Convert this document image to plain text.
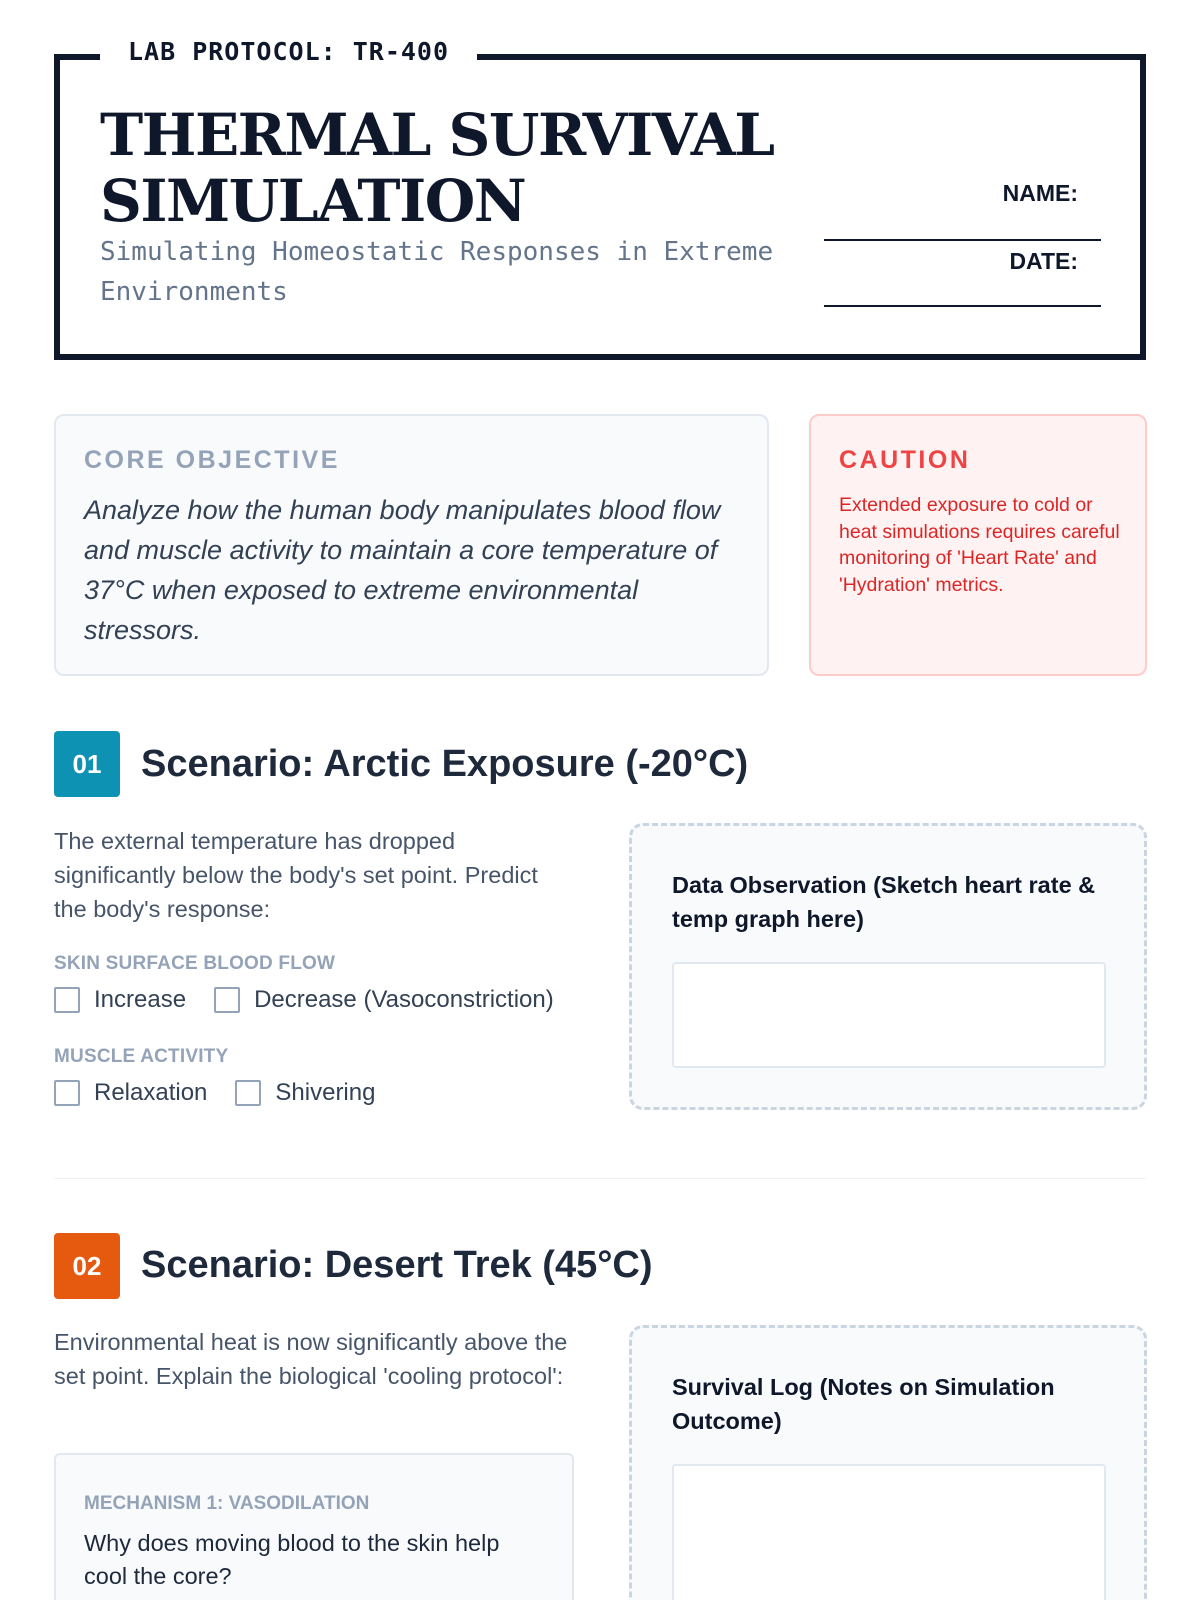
LAB PROTOCOL: TR-400
THERMAL SURVIVAL
SIMULATION
Simulating Homeostatic Responses in Extreme Environments
NAME:
DATE:
CORE OBJECTIVE
Analyze how the human body manipulates blood flow and muscle activity to maintain a core temperature of 37°C when exposed to extreme environmental stressors.
CAUTION
Extended exposure to cold or heat simulations requires careful monitoring of 'Heart Rate' and 'Hydration' metrics.
01	Scenario: Arctic Exposure (-20°C)
The external temperature has dropped significantly below the body's set point. Predict the body's response:
SKIN SURFACE BLOOD FLOW
Increase	Decrease (Vasoconstriction)
MUSCLE ACTIVITY
Relaxation	Shivering
Data Observation (Sketch heart rate & temp graph here)
02	Scenario: Desert Trek (45°C)
Environmental heat is now significantly above the set point. Explain the biological 'cooling protocol':
MECHANISM 1: VASODILATION
Why does moving blood to the skin help cool the core?
Survival Log (Notes on Simulation Outcome)
